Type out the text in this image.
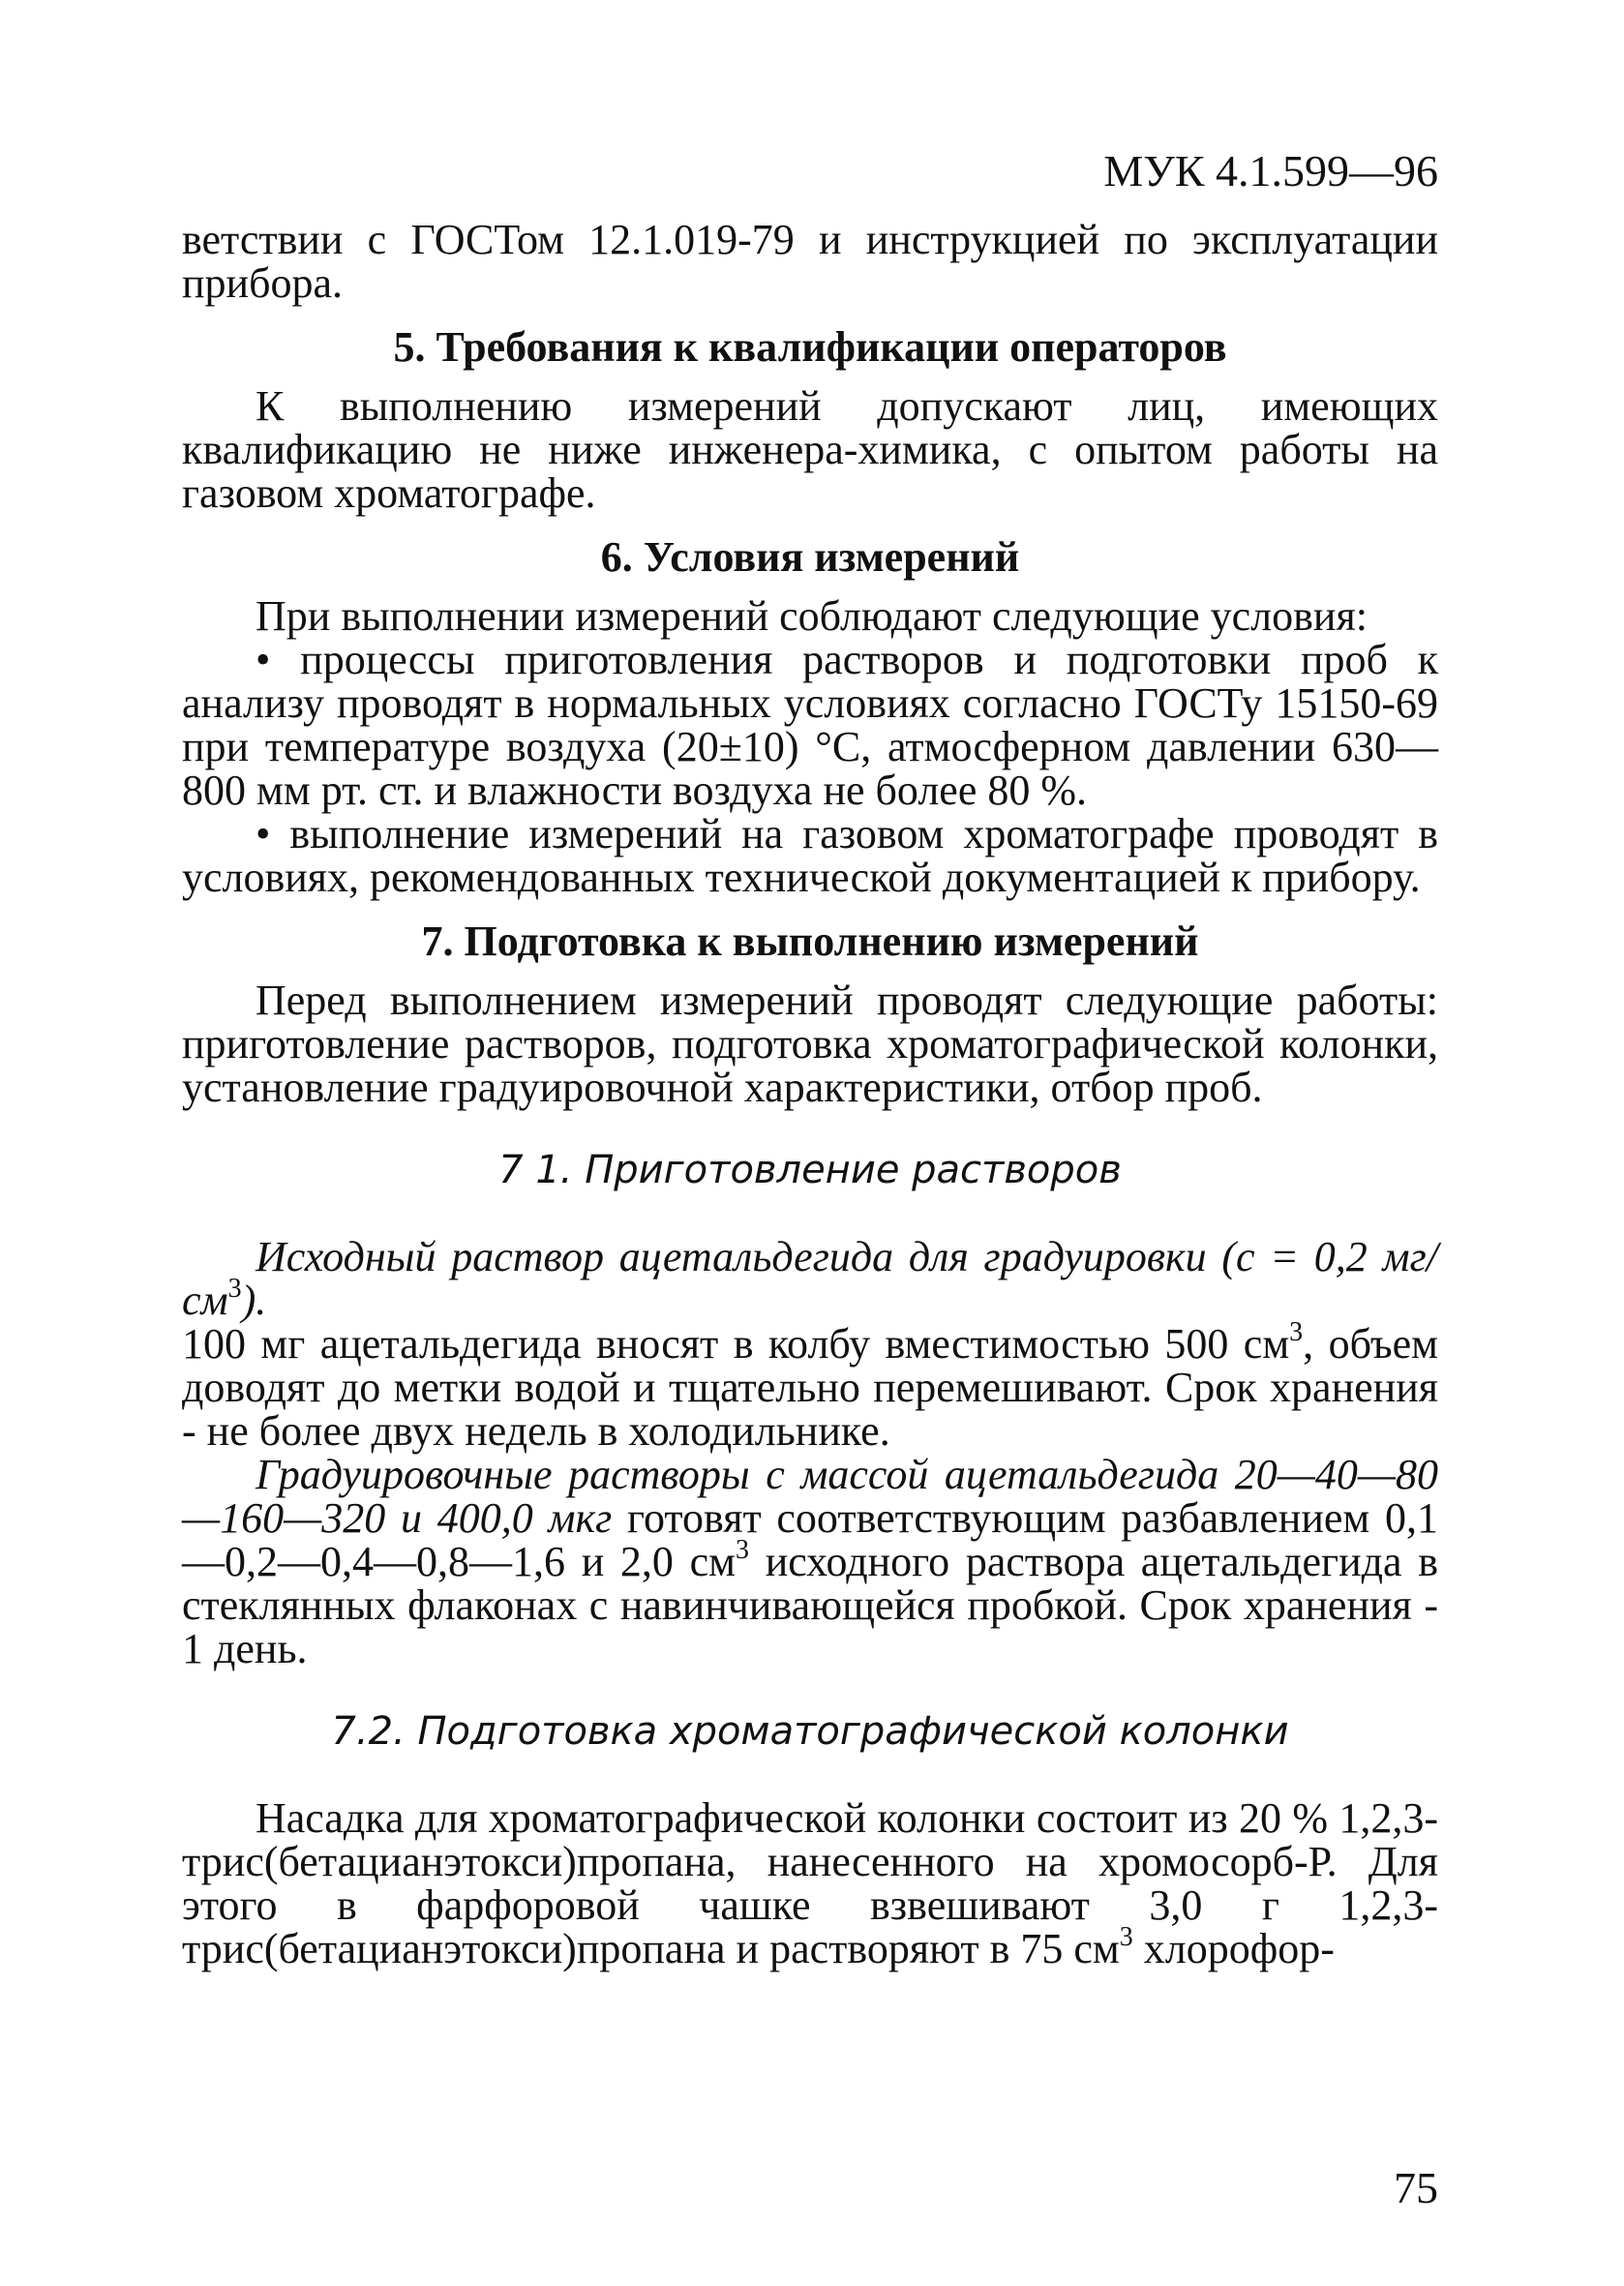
МУК 4.1.599—96

ветствии с ГОСТом 12.1.019-79 и инструкцией по эксплуатации прибора.

5. Требования к квалификации операторов

К выполнению измерений допускают лиц, имеющих квалификацию не ниже инженера-химика, с опытом работы на газовом хроматографе.

6. Условия измерений

При выполнении измерений соблюдают следующие условия:

• процессы приготовления растворов и подготовки проб к анализу проводят в нормальных условиях согласно ГОСТу 15150-69 при температуре воздуха (20±10) °С, атмосферном давлении 630—800 мм рт. ст. и влажности воздуха не более 80 %.

• выполнение измерений на газовом хроматографе проводят в условиях, рекомендованных технической документацией к прибору.

7. Подготовка к выполнению измерений

Перед выполнением измерений проводят следующие работы: приготовление растворов, подготовка хроматографической колонки, установление градуировочной характеристики, отбор проб.

7 1. Приготовление растворов

Исходный раствор ацетальдегида для градуировки (с = 0,2 $мг/см^3$).
100 мг ацетальдегида вносят в колбу вместимостью 500 $см^3$, объем доводят до метки водой и тщательно перемешивают. Срок хранения - не более двух недель в холодильнике.

Градуировочные растворы с массой ацетальдегида 20—40—80—160—320 и 400,0 мкг готовят соответствующим разбавлением 0,1—0,2—0,4—0,8—1,6 и 2,0 $см^3$ исходного раствора ацетальдегида в стеклянных флаконах с навинчивающейся пробкой. Срок хранения - 1 день.

7.2. Подготовка хроматографической колонки

Насадка для хроматографической колонки состоит из 20 % 1,2,3-трис(бетацианэтокси)пропана, нанесенного на хромосорб-Р. Для этого в фарфоровой чашке взвешивают 3,0 г 1,2,3-трис(бетацианэтокси)пропана и растворяют в 75 $см^3$ хлорофор-

75
